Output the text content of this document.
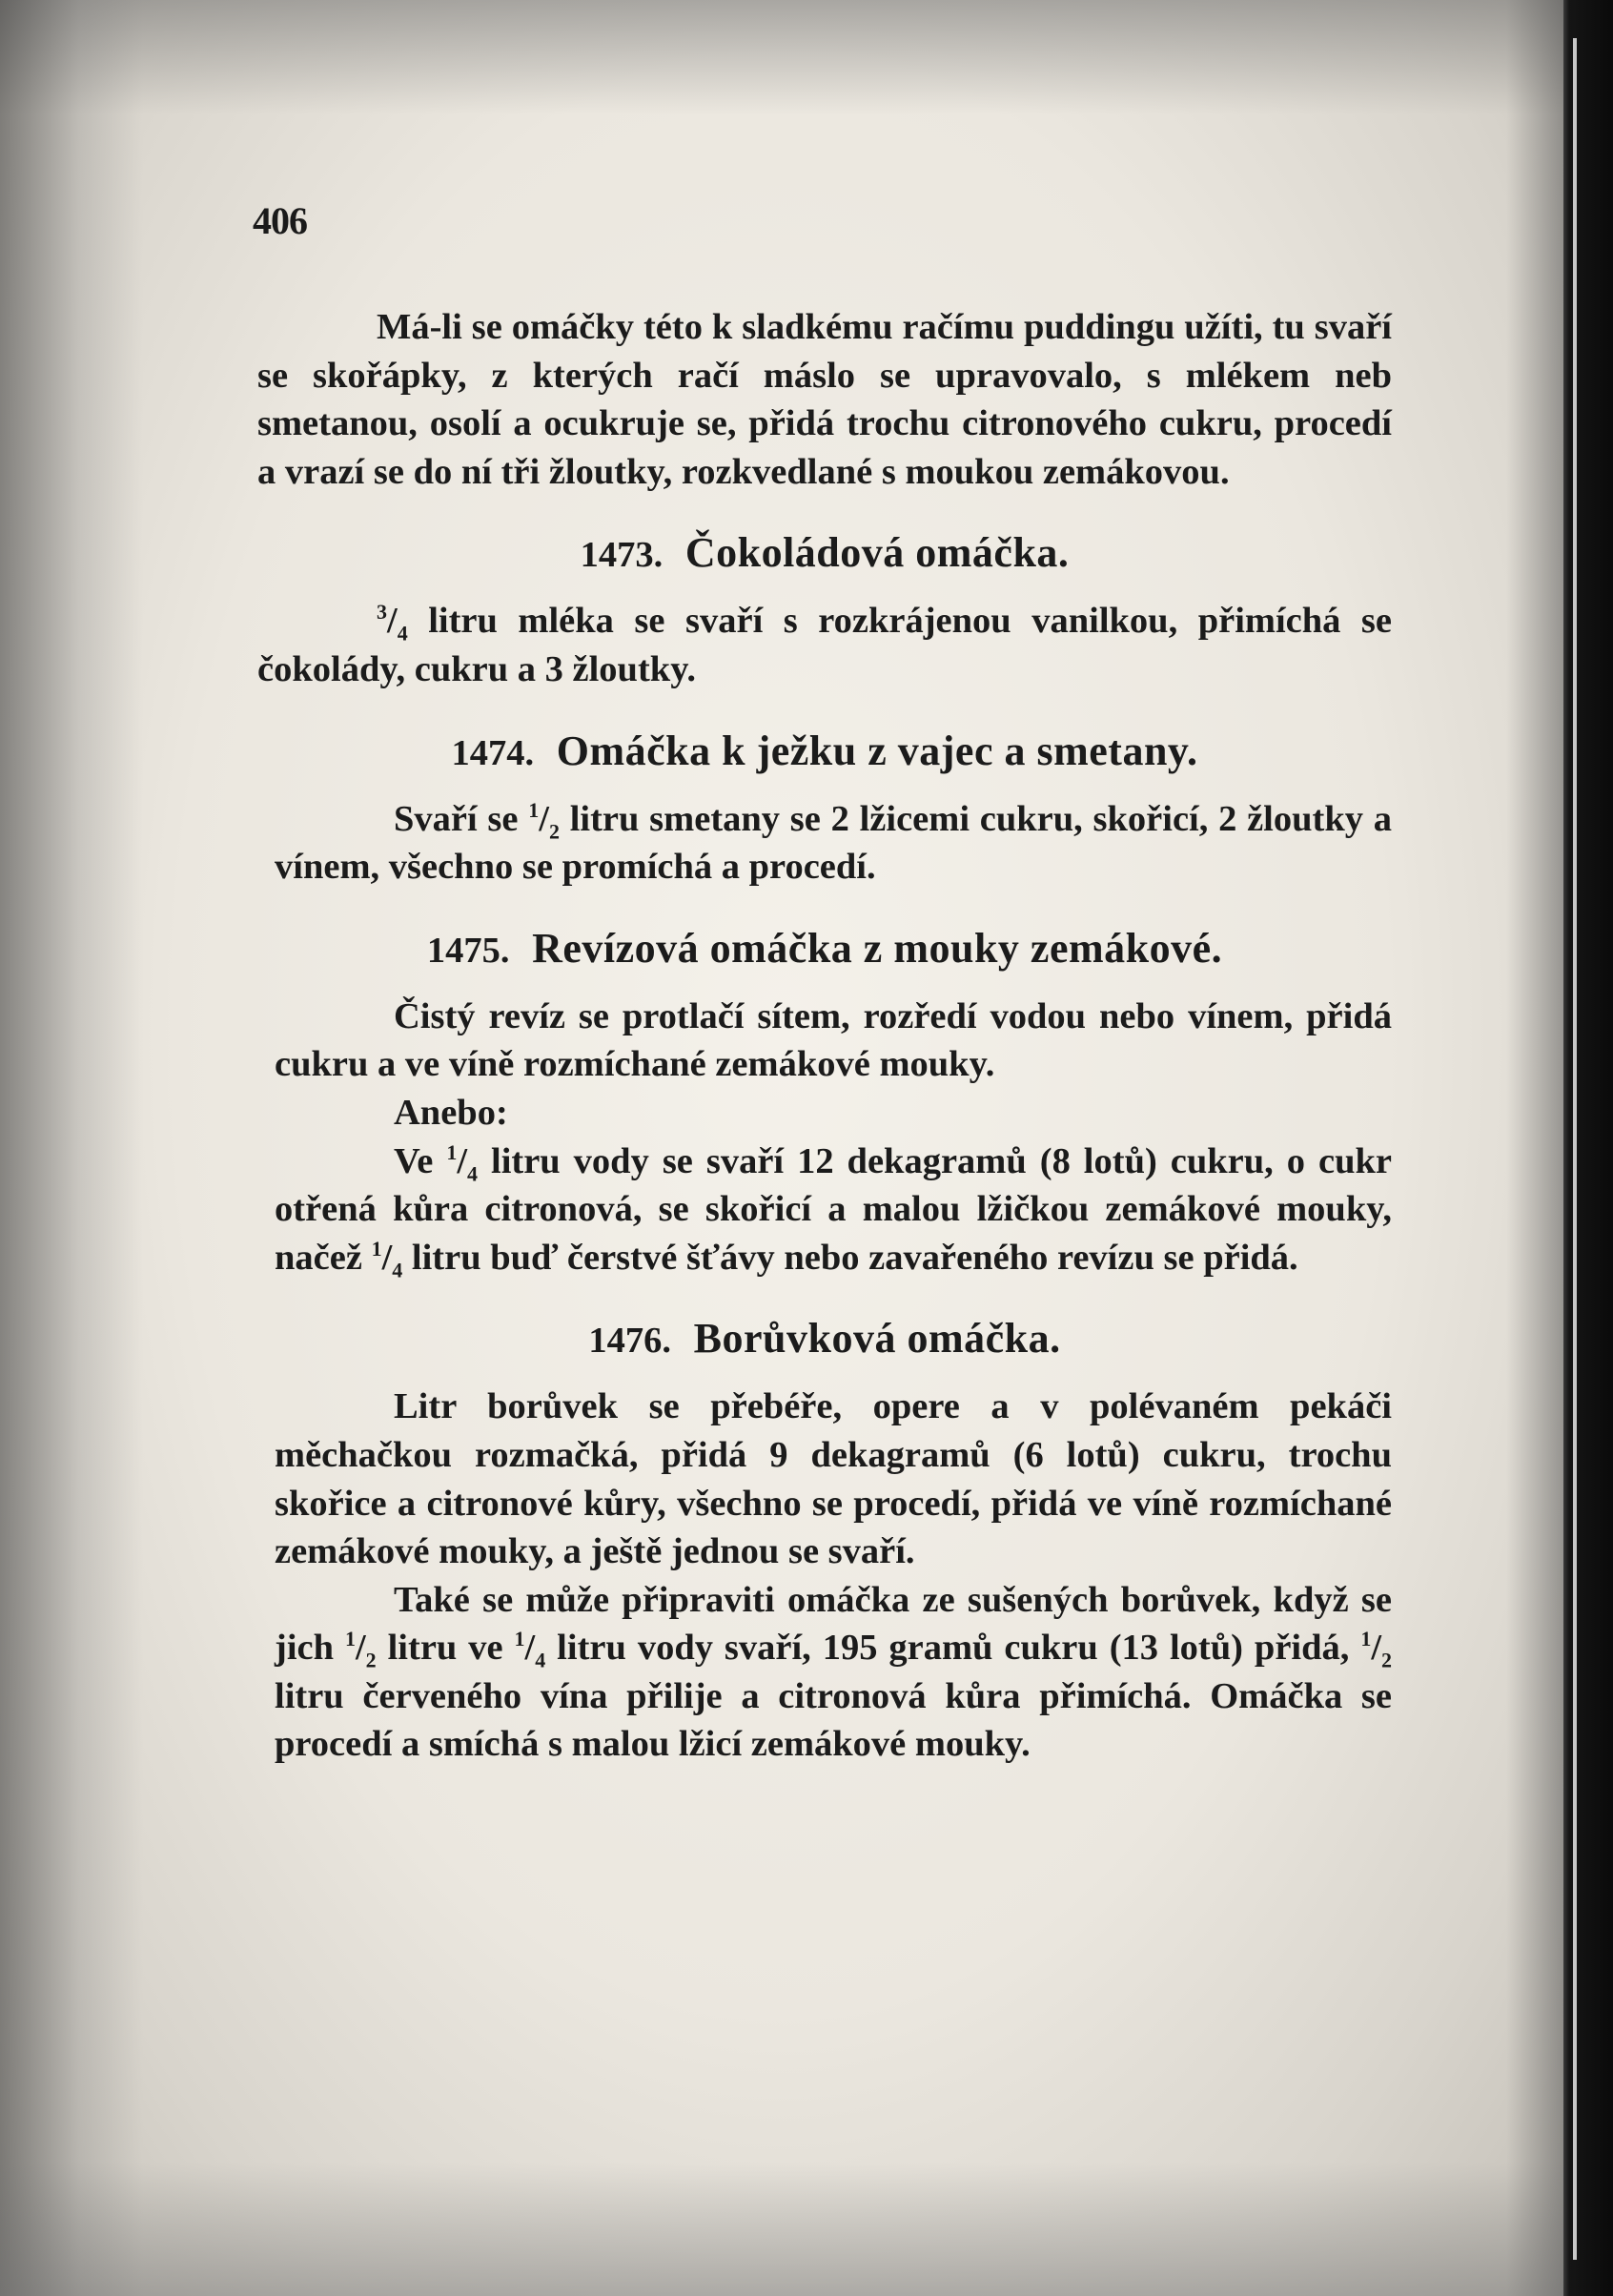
406

Má-li se omáčky této k sladkému račímu puddingu užíti, tu svaří se skořápky, z kterých račí máslo se upravovalo, s mlékem neb smetanou, osolí a ocukruje se, přidá trochu citronového cukru, procedí a vrazí se do ní tři žloutky, rozkvedlané s moukou zemákovou.

1473. Čokoládová omáčka.

$^3/_4$ litru mléka se svaří s rozkrájenou vanilkou, přimíchá se čokolády, cukru a 3 žloutky.

1474. Omáčka k ježku z vajec a smetany.

Svaří se $^1/_2$ litru smetany se 2 lžicemi cukru, skořicí, 2 žloutky a vínem, všechno se promíchá a procedí.

1475. Revízová omáčka z mouky zemákové.

Čistý revíz se protlačí sítem, rozředí vodou nebo vínem, přidá cukru a ve víně rozmíchané zemákové mouky.

Anebo:

Ve $^1/_4$ litru vody se svaří 12 dekagramů (8 lotů) cukru, o cukr otřená kůra citronová, se skořicí a malou lžičkou zemákové mouky, načež $^1/_4$ litru buď čerstvé šťávy nebo zavařeného revízu se přidá.

1476. Borůvková omáčka.

Litr borůvek se přebéře, opere a v polévaném pekáči měchačkou rozmačká, přidá 9 dekagramů (6 lotů) cukru, trochu skořice a citronové kůry, všechno se procedí, přidá ve víně rozmíchané zemákové mouky, a ještě jednou se svaří.

Také se může připraviti omáčka ze sušených borůvek, když se jich $^1/_2$ litru ve $^1/_4$ litru vody svaří, 195 gramů cukru (13 lotů) přidá, $^1/_2$ litru červeného vína přilije a citronová kůra přimíchá. Omáčka se procedí a smíchá s malou lžicí zemákové mouky.
